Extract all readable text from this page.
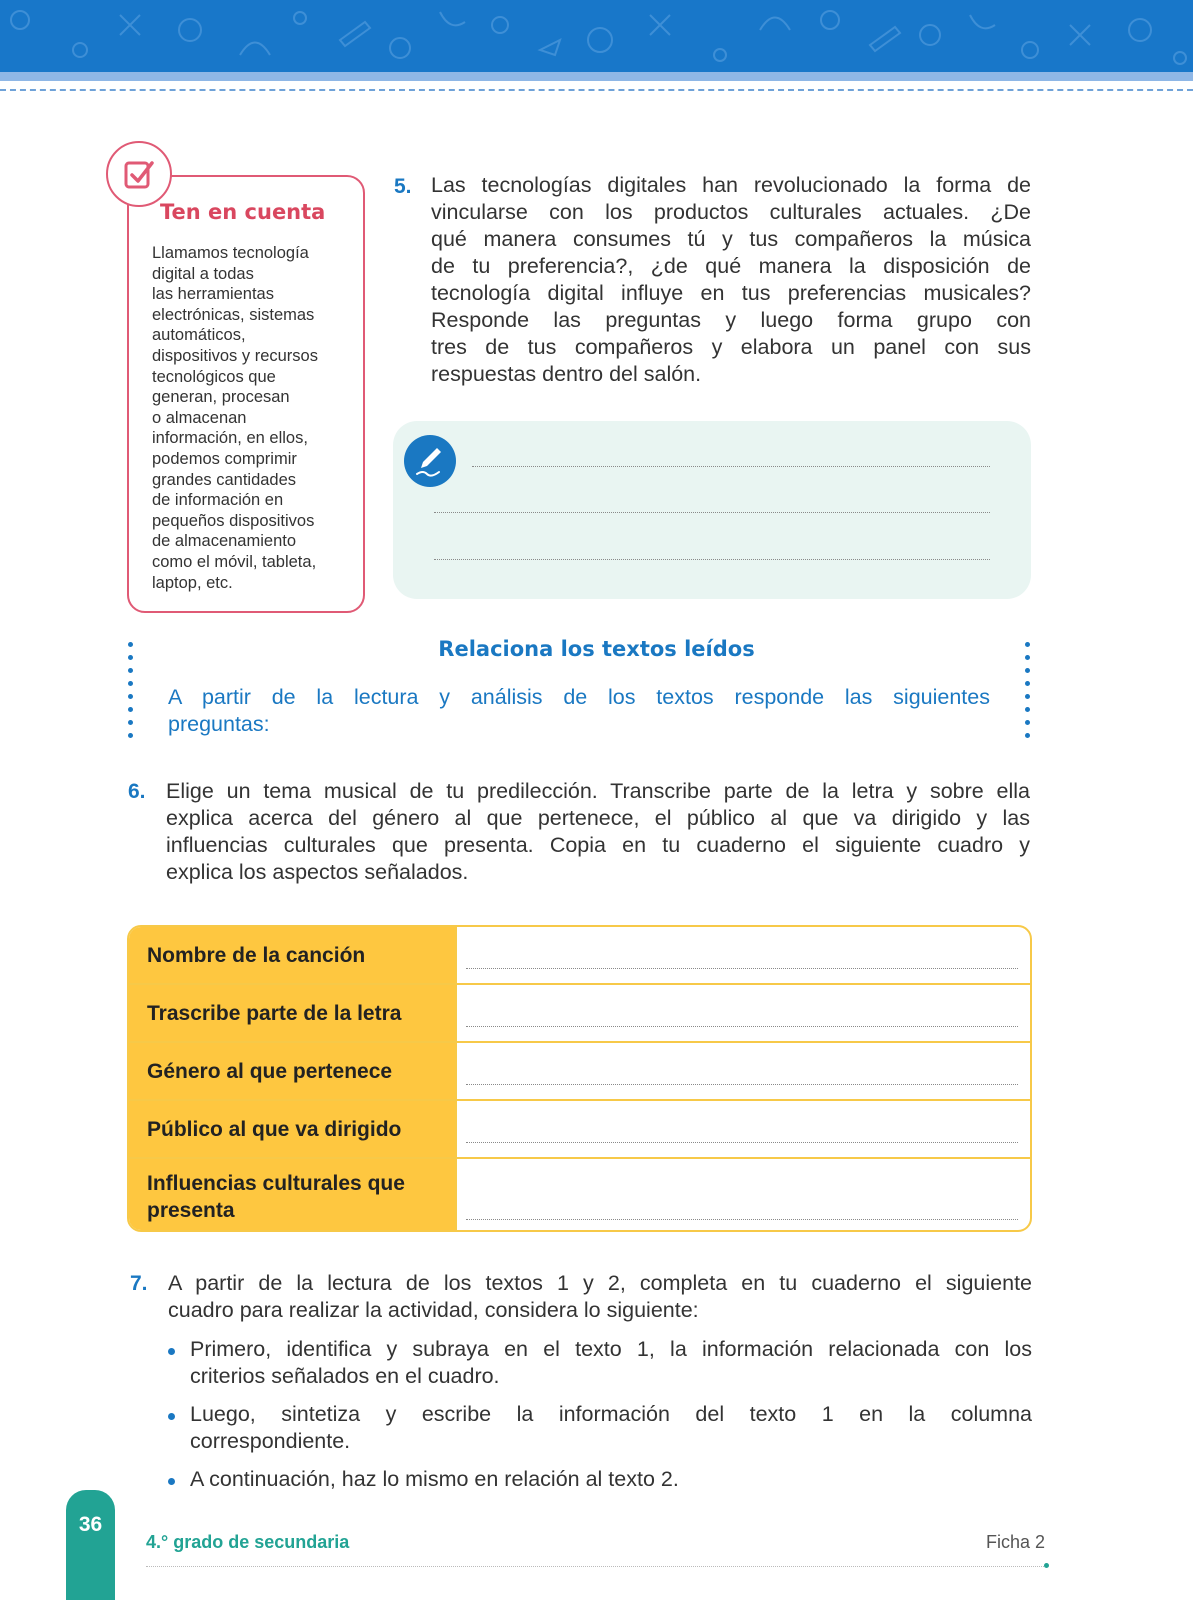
Ten en cuenta
Llamamos tecnología
digital a todas
las herramientas
electrónicas, sistemas
automáticos,
dispositivos y recursos
tecnológicos que
generan, procesan
o almacenan
información, en ellos,
podemos comprimir
grandes cantidades
de información en
pequeños dispositivos
de almacenamiento
como el móvil, tableta,
laptop, etc.
5. Las tecnologías digitales han revolucionado la forma de
vincularse con los productos culturales actuales. ¿De
qué manera consumes tú y tus compañeros la música
de tu preferencia?, ¿de qué manera la disposición de
tecnología digital influye en tus preferencias musicales?
Responde las preguntas y luego forma grupo con
tres de tus compañeros y elabora un panel con sus
respuestas dentro del salón.
Relaciona los textos leídos
A partir de la lectura y análisis de los textos responde las siguientes
preguntas:
6. Elige un tema musical de tu predilección. Transcribe parte de la letra y sobre ella
explica acerca del género al que pertenece, el público al que va dirigido y las
influencias culturales que presenta. Copia en tu cuaderno el siguiente cuadro y
explica los aspectos señalados.
Nombre de la canción
Trascribe parte de la letra
Género al que pertenece
Público al que va dirigido
Influencias culturales que presenta
7. A partir de la lectura de los textos 1 y 2, completa en tu cuaderno el siguiente
cuadro para realizar la actividad, considera lo siguiente:
Primero, identifica y subraya en el texto 1, la información relacionada con los
criterios señalados en el cuadro.
Luego, sintetiza y escribe la información del texto 1 en la columna
correspondiente.
A continuación, haz lo mismo en relación al texto 2.
36
4.° grado de secundaria	Ficha 2
